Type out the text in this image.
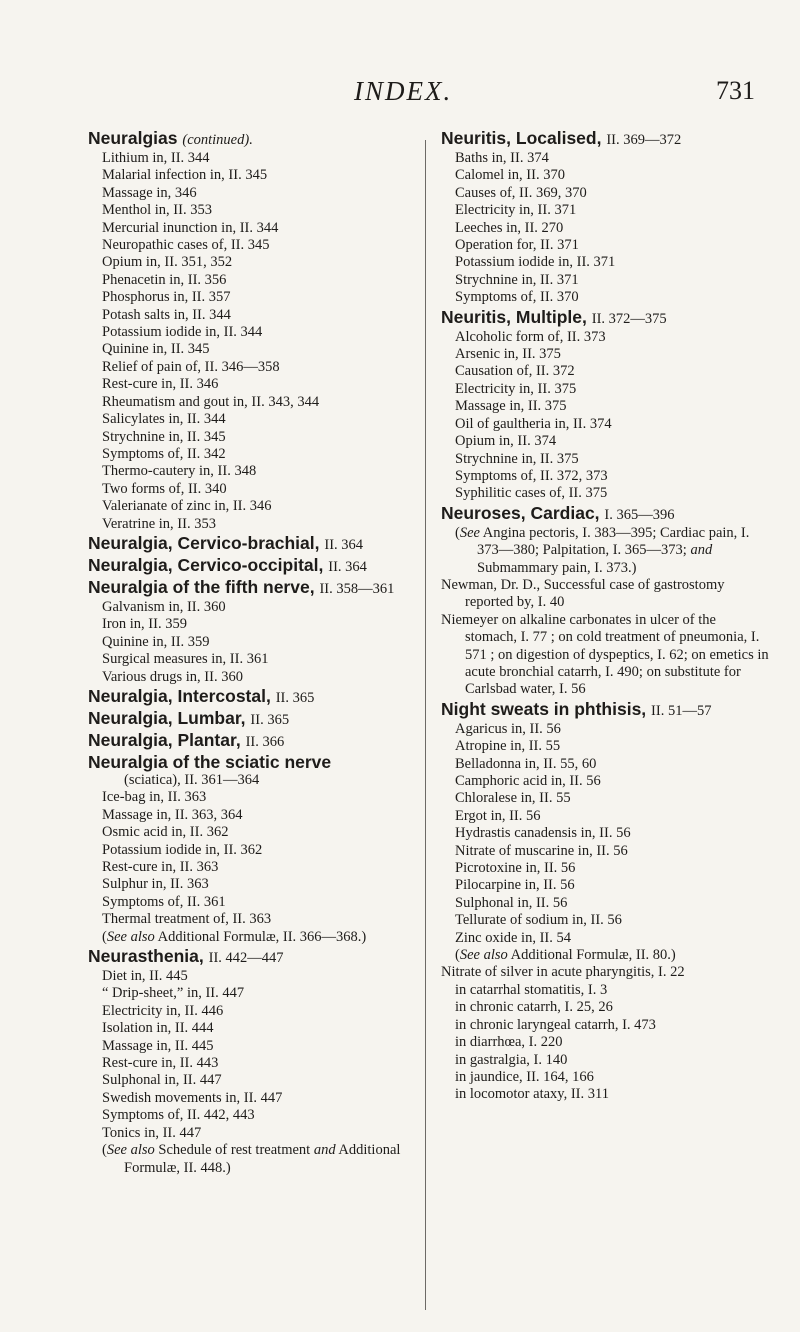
INDEX.	731
Neuralgias (continued).
Lithium in, II. 344
Malarial infection in, II. 345
Massage in, 346
Menthol in, II. 353
Mercurial inunction in, II. 344
Neuropathic cases of, II. 345
Opium in, II. 351, 352
Phenacetin in, II. 356
Phosphorus in, II. 357
Potash salts in, II. 344
Potassium iodide in, II. 344
Quinine in, II. 345
Relief of pain of, II. 346—358
Rest-cure in, II. 346
Rheumatism and gout in, II. 343, 344
Salicylates in, II. 344
Strychnine in, II. 345
Symptoms of, II. 342
Thermo-cautery in, II. 348
Two forms of, II. 340
Valerianate of zinc in, II. 346
Veratrine in, II. 353
Neuralgia, Cervico-brachial, II. 364
Neuralgia, Cervico-occipital, II. 364
Neuralgia of the fifth nerve, II. 358—361
Galvanism in, II. 360
Iron in, II. 359
Quinine in, II. 359
Surgical measures in, II. 361
Various drugs in, II. 360
Neuralgia, Intercostal, II. 365
Neuralgia, Lumbar, II. 365
Neuralgia, Plantar, II. 366
Neuralgia of the sciatic nerve
(sciatica), II. 361—364
Ice-bag in, II. 363
Massage in, II. 363, 364
Osmic acid in, II. 362
Potassium iodide in, II. 362
Rest-cure in, II. 363
Sulphur in, II. 363
Symptoms of, II. 361
Thermal treatment of, II. 363
(See also Additional Formulæ, II. 366—368.)
Neurasthenia, II. 442—447
Diet in, II. 445
“ Drip-sheet,” in, II. 447
Electricity in, II. 446
Isolation in, II. 444
Massage in, II. 445
Rest-cure in, II. 443
Sulphonal in, II. 447
Swedish movements in, II. 447
Symptoms of, II. 442, 443
Tonics in, II. 447
(See also Schedule of rest treatment and Additional Formulæ, II. 448.)
Neuritis, Localised, II. 369—372
Baths in, II. 374
Calomel in, II. 370
Causes of, II. 369, 370
Electricity in, II. 371
Leeches in, II. 270
Operation for, II. 371
Potassium iodide in, II. 371
Strychnine in, II. 371
Symptoms of, II. 370
Neuritis, Multiple, II. 372—375
Alcoholic form of, II. 373
Arsenic in, II. 375
Causation of, II. 372
Electricity in, II. 375
Massage in, II. 375
Oil of gaultheria in, II. 374
Opium in, II. 374
Strychnine in, II. 375
Symptoms of, II. 372, 373
Syphilitic cases of, II. 375
Neuroses, Cardiac, I. 365—396
(See Angina pectoris, I. 383—395; Cardiac pain, I. 373—380; Palpitation, I. 365—373; and Submammary pain, I. 373.)
Newman, Dr. D., Successful case of gastrostomy reported by, I. 40
Niemeyer on alkaline carbonates in ulcer of the stomach, I. 77 ; on cold treatment of pneumonia, I. 571 ; on digestion of dyspeptics, I. 62; on emetics in acute bronchial catarrh, I. 490; on substitute for Carlsbad water, I. 56
Night sweats in phthisis, II. 51—57
Agaricus in, II. 56
Atropine in, II. 55
Belladonna in, II. 55, 60
Camphoric acid in, II. 56
Chloralese in, II. 55
Ergot in, II. 56
Hydrastis canadensis in, II. 56
Nitrate of muscarine in, II. 56
Picrotoxine in, II. 56
Pilocarpine in, II. 56
Sulphonal in, II. 56
Tellurate of sodium in, II. 56
Zinc oxide in, II. 54
(See also Additional Formulæ, II. 80.)
Nitrate of silver in acute pharyngitis, I. 22
in catarrhal stomatitis, I. 3
in chronic catarrh, I. 25, 26
in chronic laryngeal catarrh, I. 473
in diarrhœa, I. 220
in gastralgia, I. 140
in jaundice, II. 164, 166
in locomotor ataxy, II. 311
